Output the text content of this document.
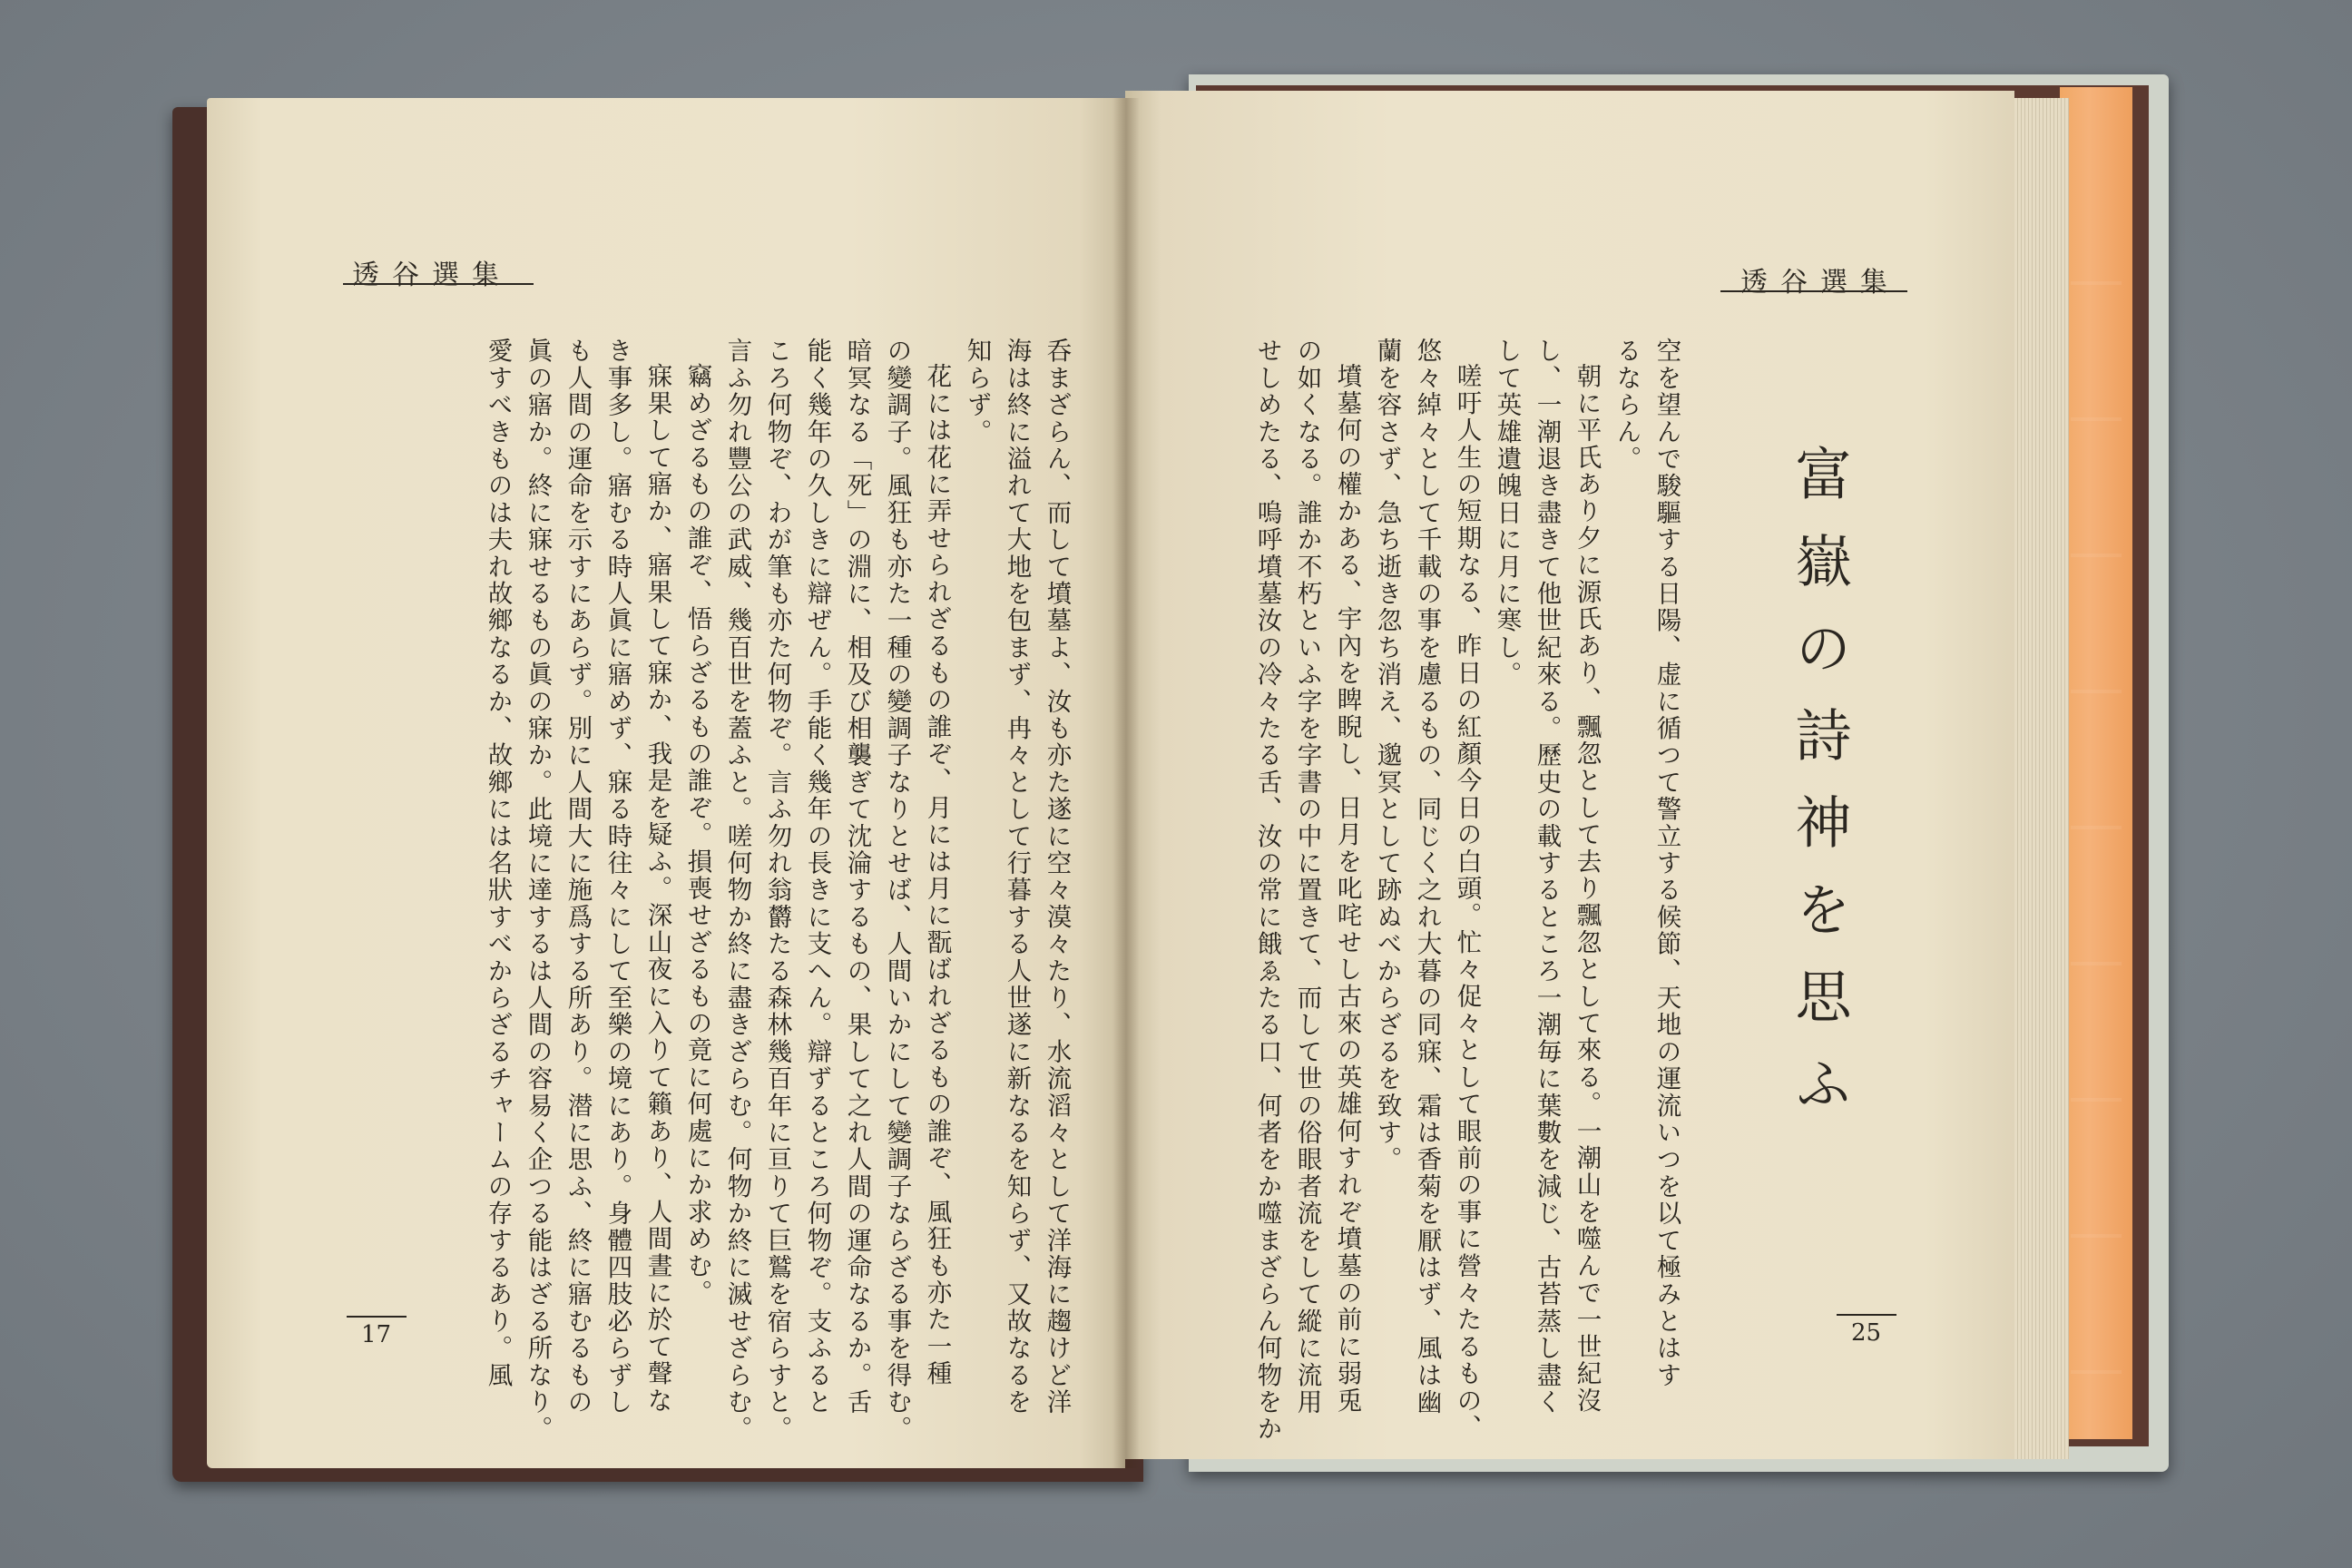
透谷選集	透谷選集
17	25
富嶽の詩神を思ふ
空を望んで駿驅する日陽、虚に循つて警立する候節、天地の運流いつを以て極みとはす
るならん。
朝に平氏あり夕に源氏あり、飄忽として去り飄忽として來る。一潮山を噬んで一世紀沒
し、一潮退き盡きて他世紀來る。歷史の載するところ一潮毎に葉數を減じ、古苔蒸し盡く
して英雄遺魄日に月に寒し。
嗟吁人生の短期なる、昨日の紅顏今日の白頭。忙々促々として眼前の事に營々たるもの、
悠々綽々として千載の事を慮るもの、同じく之れ大暮の同寐、霜は香菊を厭はず、風は幽
蘭を容さず、急ち逝き忽ち消え、邈冥として跡ぬべからざるを致す。
墳墓何の權かある、宇內を睥睨し、日月を叱咤せし古來の英雄何すれぞ墳墓の前に弱兎
の如くなる。誰か不朽といふ字を字書の中に置きて、而して世の俗眼者流をして縱に流用
せしめたる、嗚呼墳墓汝の冷々たる舌、汝の常に餓ゑたる口、何者をか噬まざらん何物をか
呑まざらん、而して墳墓よ、汝も亦た遂に空々漠々たり、水流滔々として洋海に趨けど洋
海は終に溢れて大地を包まず、冉々として行暮する人世遂に新なるを知らず、又故なるを
知らず。
花には花に弄せられざるもの誰ぞ、月には月に翫ばれざるもの誰ぞ、風狂も亦た一種
の變調子。風狂も亦た一種の變調子なりとせば、人間いかにして變調子ならざる事を得む。
暗冥なる「死」の淵に、相及び相襲ぎて沈淪するもの、果して之れ人間の運命なるか。舌
能く幾年の久しきに辯ぜん。手能く幾年の長きに支へん。辯ずるところ何物ぞ。支ふると
ころ何物ぞ、わが筆も亦た何物ぞ。言ふ勿れ翁欝たる森林幾百年に亘りて巨鷲を宿らすと。
言ふ勿れ豐公の武威、幾百世を蓋ふと。嗟何物か終に盡きざらむ。何物か終に滅せざらむ。
竊めざるもの誰ぞ、悟らざるもの誰ぞ。損喪せざるもの竟に何處にか求めむ。
寐果して寤か、寤果して寐か、我是を疑ふ。深山夜に入りて籟あり、人間晝に於て聲な
き事多し。寤むる時人眞に寤めず、寐る時往々にして至樂の境にあり。身體四肢必らずし
も人間の運命を示すにあらず。別に人間大に施爲する所あり。潜に思ふ、終に寤むるもの
眞の寤か。終に寐せるもの眞の寐か。此境に達するは人間の容易く企つる能はざる所なり。
愛すべきものは夫れ故鄉なるか、故鄉には名狀すべからざるチャームの存するあり。風
